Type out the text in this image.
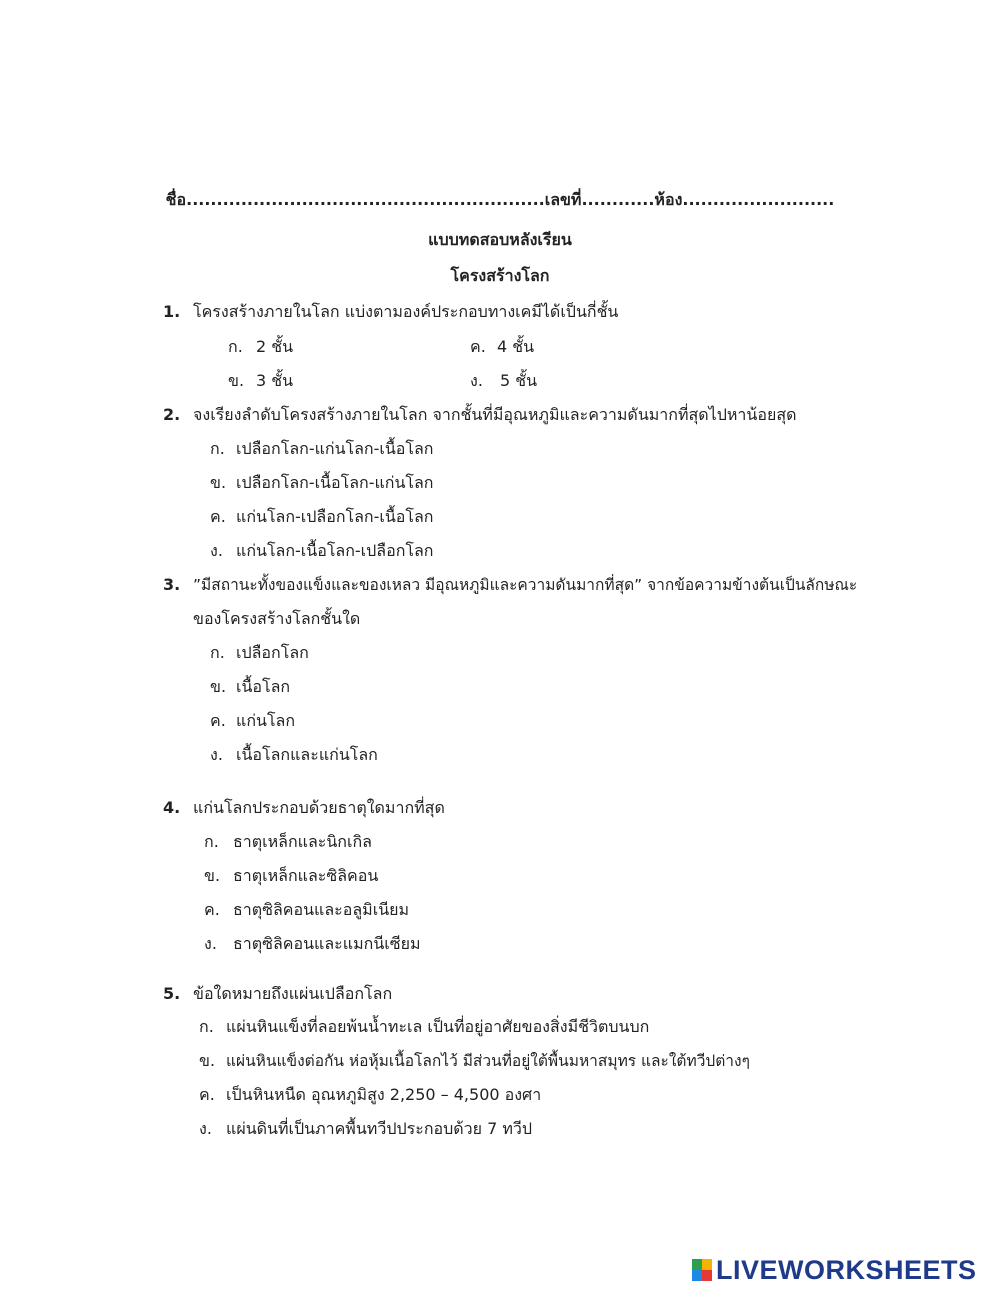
ชื่อ...........................................................เลขที่............ห้อง.........................
แบบทดสอบหลังเรียน
โครงสร้างโลก
1. โครงสร้างภายในโลก แบ่งตามองค์ประกอบทางเคมีได้เป็นกี่ชั้น
ก. 2 ชั้น	ค. 4 ชั้น
ข. 3 ชั้น	ง. 5 ชั้น
2. จงเรียงลำดับโครงสร้างภายในโลก จากชั้นที่มีอุณหภูมิและความดันมากที่สุดไปหาน้อยสุด
ก. เปลือกโลก-แก่นโลก-เนื้อโลก
ข. เปลือกโลก-เนื้อโลก-แก่นโลก
ค. แก่นโลก-เปลือกโลก-เนื้อโลก
ง. แก่นโลก-เนื้อโลก-เปลือกโลก
3. ”มีสถานะทั้งของแข็งและของเหลว มีอุณหภูมิและความดันมากที่สุด” จากข้อความข้างต้นเป็นลักษณะ
ของโครงสร้างโลกชั้นใด
ก. เปลือกโลก
ข. เนื้อโลก
ค. แก่นโลก
ง. เนื้อโลกและแก่นโลก
4. แก่นโลกประกอบด้วยธาตุใดมากที่สุด
ก. ธาตุเหล็กและนิกเกิล
ข. ธาตุเหล็กและซิลิคอน
ค. ธาตุซิลิคอนและอลูมิเนียม
ง. ธาตุซิลิคอนและแมกนีเซียม
5. ข้อใดหมายถึงแผ่นเปลือกโลก
ก. แผ่นหินแข็งที่ลอยพ้นน้ำทะเล เป็นที่อยู่อาศัยของสิ่งมีชีวิตบนบก
ข. แผ่นหินแข็งต่อกัน ห่อหุ้มเนื้อโลกไว้ มีส่วนที่อยู่ใต้พื้นมหาสมุทร และใต้ทวีปต่างๆ
ค. เป็นหินหนืด อุณหภูมิสูง 2,250 – 4,500 องศา
ง. แผ่นดินที่เป็นภาคพื้นทวีปประกอบด้วย 7 ทวีป
LIVEWORKSHEETS
